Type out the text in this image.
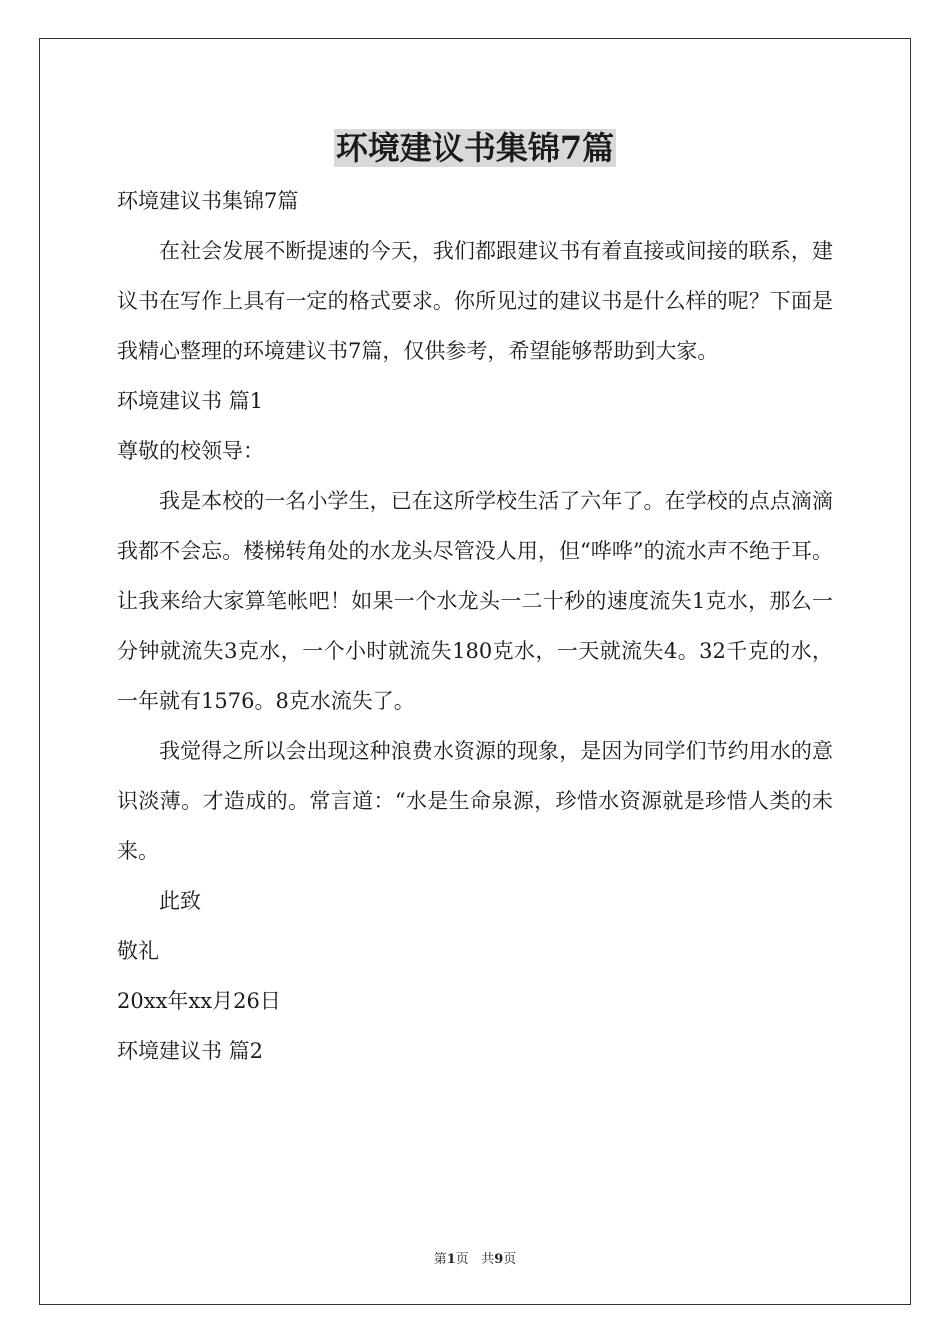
环境建议书集锦7篇

环境建议书集锦7篇

在社会发展不断提速的今天，我们都跟建议书有着直接或间接的联系，建议书在写作上具有一定的格式要求。你所见过的建议书是什么样的呢？下面是我精心整理的环境建议书7篇，仅供参考，希望能够帮助到大家。

环境建议书 篇1

尊敬的校领导：

我是本校的一名小学生，已在这所学校生活了六年了。在学校的点点滴滴我都不会忘。楼梯转角处的水龙头尽管没人用，但“哗哗”的流水声不绝于耳。让我来给大家算笔帐吧！如果一个水龙头一二十秒的速度流失1克水，那么一分钟就流失3克水，一个小时就流失180克水，一天就流失4。32千克的水，一年就有1576。8克水流失了。

我觉得之所以会出现这种浪费水资源的现象，是因为同学们节约用水的意识淡薄。才造成的。常言道：“水是生命泉源，珍惜水资源就是珍惜人类的未来。

此致

敬礼

20xx年xx月26日

环境建议书 篇2

第1页 共9页
